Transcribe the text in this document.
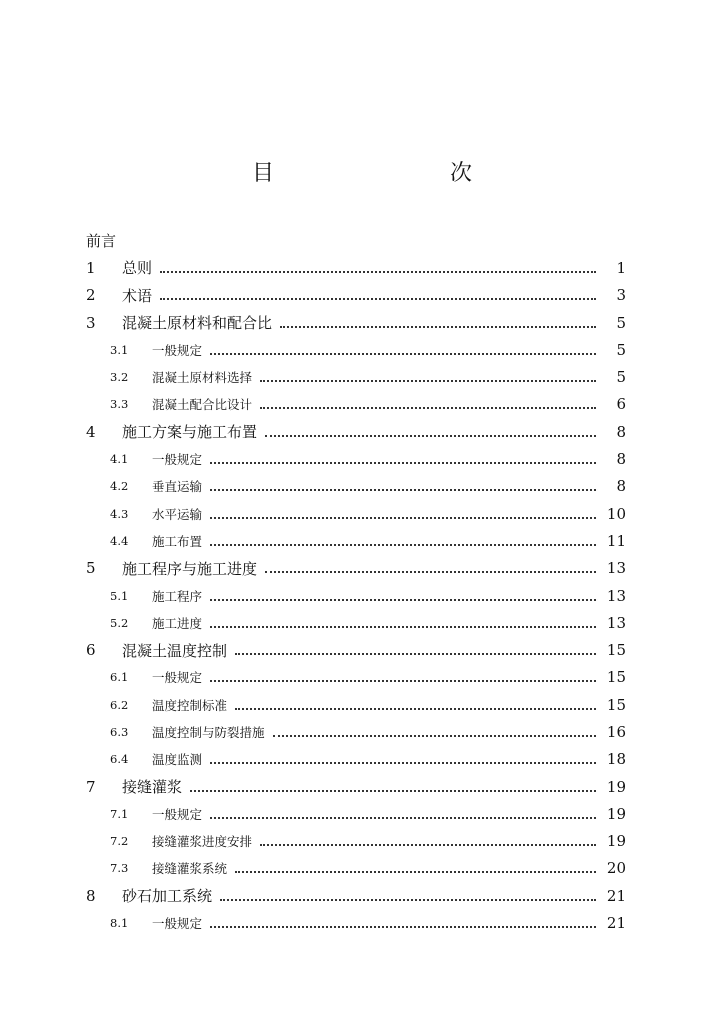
目　　次
前言
1	总则	1
2	术语	3
3	混凝土原材料和配合比	5
3.1	一般规定	5
3.2	混凝土原材料选择	5
3.3	混凝土配合比设计	6
4	施工方案与施工布置	8
4.1	一般规定	8
4.2	垂直运输	8
4.3	水平运输	10
4.4	施工布置	11
5	施工程序与施工进度	13
5.1	施工程序	13
5.2	施工进度	13
6	混凝土温度控制	15
6.1	一般规定	15
6.2	温度控制标准	15
6.3	温度控制与防裂措施	16
6.4	温度监测	18
7	接缝灌浆	19
7.1	一般规定	19
7.2	接缝灌浆进度安排	19
7.3	接缝灌浆系统	20
8	砂石加工系统	21
8.1	一般规定	21
